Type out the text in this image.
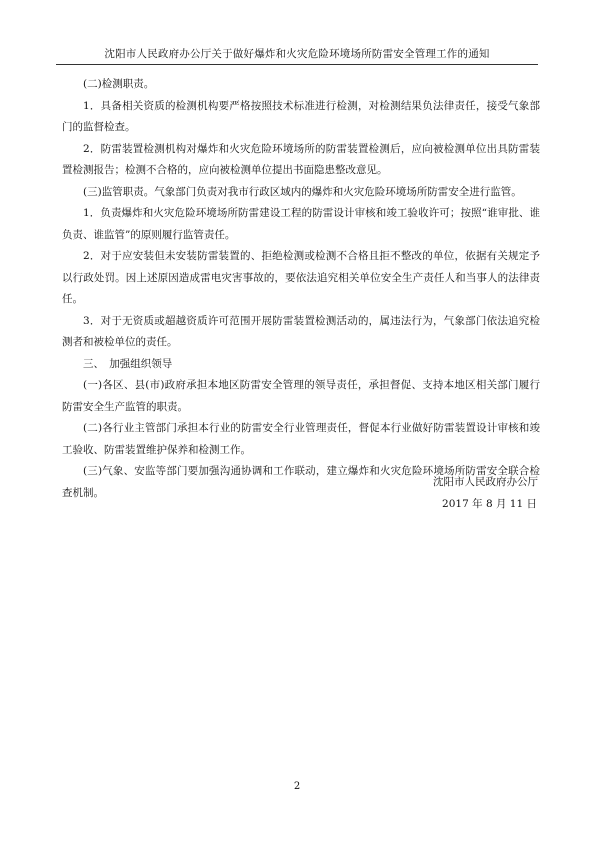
沈阳市人民政府办公厅关于做好爆炸和火灾危险环境场所防雷安全管理工作的通知

(二)检测职责。

1．具备相关资质的检测机构要严格按照技术标准进行检测，对检测结果负法律责任，接受气象部门的监督检查。

2．防雷装置检测机构对爆炸和火灾危险环境场所的防雷装置检测后，应向被检测单位出具防雷装置检测报告；检测不合格的，应向被检测单位提出书面隐患整改意见。

(三)监管职责。气象部门负责对我市行政区域内的爆炸和火灾危险环境场所防雷安全进行监管。

1．负责爆炸和火灾危险环境场所防雷建设工程的防雷设计审核和竣工验收许可；按照“谁审批、谁负责、谁监管”的原则履行监管责任。

2．对于应安装但未安装防雷装置的、拒绝检测或检测不合格且拒不整改的单位，依据有关规定予以行政处罚。因上述原因造成雷电灾害事故的，要依法追究相关单位安全生产责任人和当事人的法律责任。

3．对于无资质或超越资质许可范围开展防雷装置检测活动的，属违法行为，气象部门依法追究检测者和被检单位的责任。

三、　加强组织领导

(一)各区、县(市)政府承担本地区防雷安全管理的领导责任，承担督促、支持本地区相关部门履行防雷安全生产监管的职责。

(二)各行业主管部门承担本行业的防雷安全行业管理责任，督促本行业做好防雷装置设计审核和竣工验收、防雷装置维护保养和检测工作。

(三)气象、安监等部门要加强沟通协调和工作联动，建立爆炸和火灾危险环境场所防雷安全联合检查机制。

沈阳市人民政府办公厅
2017 年 8 月 11 日
2
